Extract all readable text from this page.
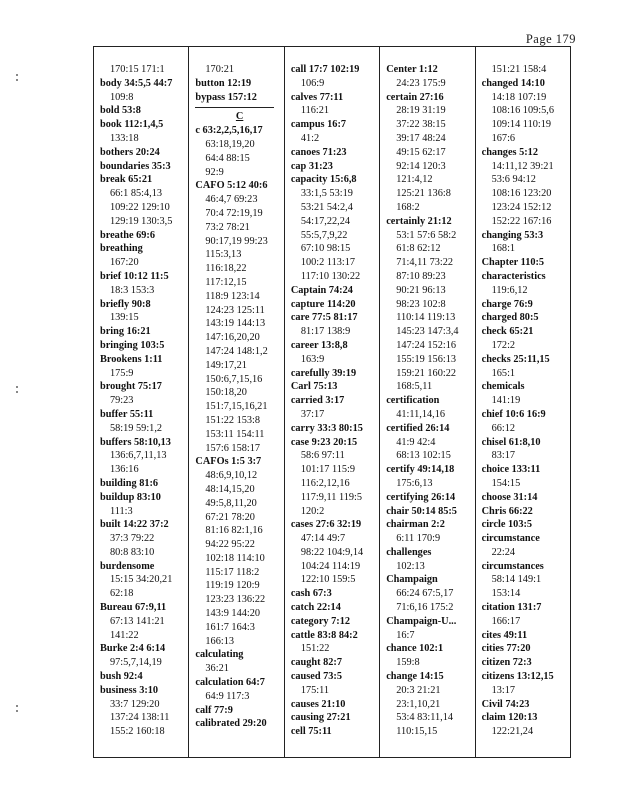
Page 179
170:15 171:1
body 34:5,5 44:7
109:8
bold 53:8
book 112:1,4,5
133:18
bothers 20:24
boundaries 35:3
break 65:21
66:1 85:4,13
109:22 129:10
129:19 130:3,5
breathe 69:6
breathing
167:20
brief 10:12 11:5
18:3 153:3
briefly 90:8
139:15
bring 16:21
bringing 103:5
Brookens 1:11
175:9
brought 75:17
79:23
buffer 55:11
58:19 59:1,2
buffers 58:10,13
136:6,7,11,13
136:16
building 81:6
buildup 83:10
111:3
built 14:22 37:2
37:3 79:22
80:8 83:10
burdensome
15:15 34:20,21
62:18
Bureau 67:9,11
67:13 141:21
141:22
Burke 2:4 6:14
97:5,7,14,19
bush 92:4
business 3:10
33:7 129:20
137:24 138:11
155:2 160:18
170:21
button 12:19
bypass 157:12
C
c 63:2,2,5,16,17
63:18,19,20
64:4 88:15
92:9
CAFO 5:12 40:6
46:4,7 69:23
70:4 72:19,19
73:2 78:21
90:17,19 99:23
115:3,13
116:18,22
117:12,15
118:9 123:14
124:23 125:11
143:19 144:13
147:16,20,20
147:24 148:1,2
149:17,21
150:6,7,15,16
150:18,20
151:7,15,16,21
151:22 153:8
153:11 154:11
157:6 158:17
CAFOs 1:5 3:7
48:6,9,10,12
48:14,15,20
49:5,8,11,20
67:21 78:20
81:16 82:1,16
94:22 95:22
102:18 114:10
115:17 118:2
119:19 120:9
123:23 136:22
143:9 144:20
161:7 164:3
166:13
calculating
36:21
calculation 64:7
64:9 117:3
calf 77:9
calibrated 29:20
call 17:7 102:19
106:9
calves 77:11
116:21
campus 16:7
41:2
canoes 71:23
cap 31:23
capacity 15:6,8
33:1,5 53:19
53:21 54:2,4
54:17,22,24
55:5,7,9,22
67:10 98:15
100:2 113:17
117:10 130:22
Captain 74:24
capture 114:20
care 77:5 81:17
81:17 138:9
career 13:8,8
163:9
carefully 39:19
Carl 75:13
carried 3:17
37:17
carry 33:3 80:15
case 9:23 20:15
58:6 97:11
101:17 115:9
116:2,12,16
117:9,11 119:5
120:2
cases 27:6 32:19
47:14 49:7
98:22 104:9,14
104:24 114:19
122:10 159:5
cash 67:3
catch 22:14
category 7:12
cattle 83:8 84:2
151:22
caught 82:7
caused 73:5
175:11
causes 21:10
causing 27:21
cell 75:11
Center 1:12
24:23 175:9
certain 27:16
28:19 31:19
37:22 38:15
39:17 48:24
49:15 62:17
92:14 120:3
121:4,12
125:21 136:8
168:2
certainly 21:12
53:1 57:6 58:2
61:8 62:12
71:4,11 73:22
87:10 89:23
90:21 96:13
98:23 102:8
110:14 119:13
145:23 147:3,4
147:24 152:16
155:19 156:13
159:21 160:22
168:5,11
certification
41:11,14,16
certified 26:14
41:9 42:4
68:13 102:15
certify 49:14,18
175:6,13
certifying 26:14
chair 50:14 85:5
chairman 2:2
6:11 170:9
challenges
102:13
Champaign
66:24 67:5,17
71:6,16 175:2
Champaign-U...
16:7
chance 102:1
159:8
change 14:15
20:3 21:21
23:1,10,21
53:4 83:11,14
110:15,15
151:21 158:4
changed 14:10
14:18 107:19
108:16 109:5,6
109:14 110:19
167:6
changes 5:12
14:11,12 39:21
53:6 94:12
108:16 123:20
123:24 152:12
152:22 167:16
changing 53:3
168:1
Chapter 110:5
characteristics
119:6,12
charge 76:9
charged 80:5
check 65:21
172:2
checks 25:11,15
165:1
chemicals
141:19
chief 10:6 16:9
66:12
chisel 61:8,10
83:17
choice 133:11
154:15
choose 31:14
Chris 66:22
circle 103:5
circumstance
22:24
circumstances
58:14 149:1
153:14
citation 131:7
166:17
cites 49:11
cities 77:20
citizen 72:3
citizens 13:12,15
13:17
Civil 74:23
claim 120:13
122:21,24
